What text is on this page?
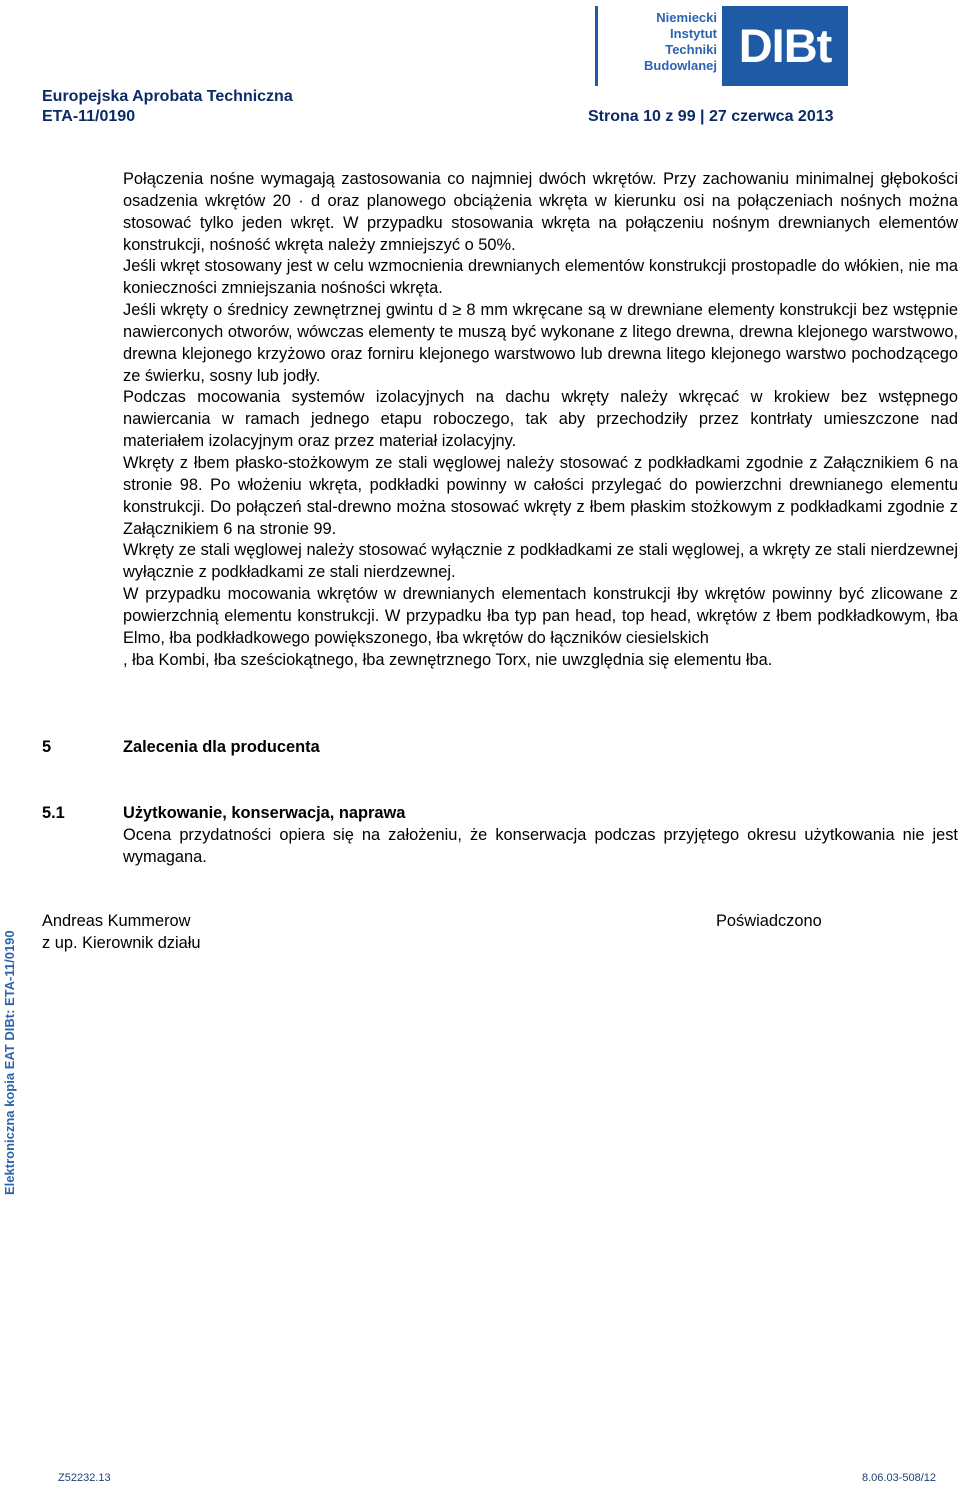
Niemiecki
Instytut
Techniki
Budowlanej DIBt
Europejska Aprobata Techniczna
ETA-11/0190	Strona 10 z 99 | 27 czerwca 2013

Połączenia nośne wymagają zastosowania co najmniej dwóch wkrętów. Przy zachowaniu minimalnej głębokości osadzenia wkrętów 20 · d oraz planowego obciążenia wkręta w kierunku osi na połączeniach nośnych można stosować tylko jeden wkręt. W przypadku stosowania wkręta na połączeniu nośnym drewnianych elementów konstrukcji, nośność wkręta należy zmniejszyć o 50%.

Jeśli wkręt stosowany jest w celu wzmocnienia drewnianych elementów konstrukcji prostopadle do włókien, nie ma konieczności zmniejszania nośności wkręta.

Jeśli wkręty o średnicy zewnętrznej gwintu d ≥ 8 mm wkręcane są w drewniane elementy konstrukcji bez wstępnie nawierconych otworów, wówczas elementy te muszą być wykonane z litego drewna, drewna klejonego warstwowo, drewna klejonego krzyżowo oraz forniru klejonego warstwowo lub drewna litego klejonego warstwo pochodzącego ze świerku, sosny lub jodły.

Podczas mocowania systemów izolacyjnych na dachu wkręty należy wkręcać w krokiew bez wstępnego nawiercania w ramach jednego etapu roboczego, tak aby przechodziły przez kontrłaty umieszczone nad materiałem izolacyjnym oraz przez materiał izolacyjny.

Wkręty z łbem płasko-stożkowym ze stali węglowej należy stosować z podkładkami zgodnie z Załącznikiem 6 na stronie 98. Po włożeniu wkręta, podkładki powinny w całości przylegać do powierzchni drewnianego elementu konstrukcji. Do połączeń stal-drewno można stosować wkręty z łbem płaskim stożkowym z podkładkami zgodnie z Załącznikiem 6 na stronie 99.

Wkręty ze stali węglowej należy stosować wyłącznie z podkładkami ze stali węglowej, a wkręty ze stali nierdzewnej wyłącznie z podkładkami ze stali nierdzewnej.

W przypadku mocowania wkrętów w drewnianych elementach konstrukcji łby wkrętów powinny być zlicowane z powierzchnią elementu konstrukcji. W przypadku łba typ pan head, top head, wkrętów z łbem podkładkowym, łba Elmo, łba podkładkowego powiększonego, łba wkrętów do łączników ciesielskich

, łba Kombi, łba sześciokątnego, łba zewnętrznego Torx, nie uwzględnia się elementu łba.

5	Zalecenia dla producenta
5.1	Użytkowanie, konserwacja, naprawa
Ocena przydatności opiera się na założeniu, że konserwacja podczas przyjętego okresu użytkowania nie jest wymagana.
Andreas Kummerow
z up. Kierownik działu
Poświadczono
Elektroniczna kopia EAT DIBt: ETA-11/0190
Z52232.13	8.06.03-508/12
